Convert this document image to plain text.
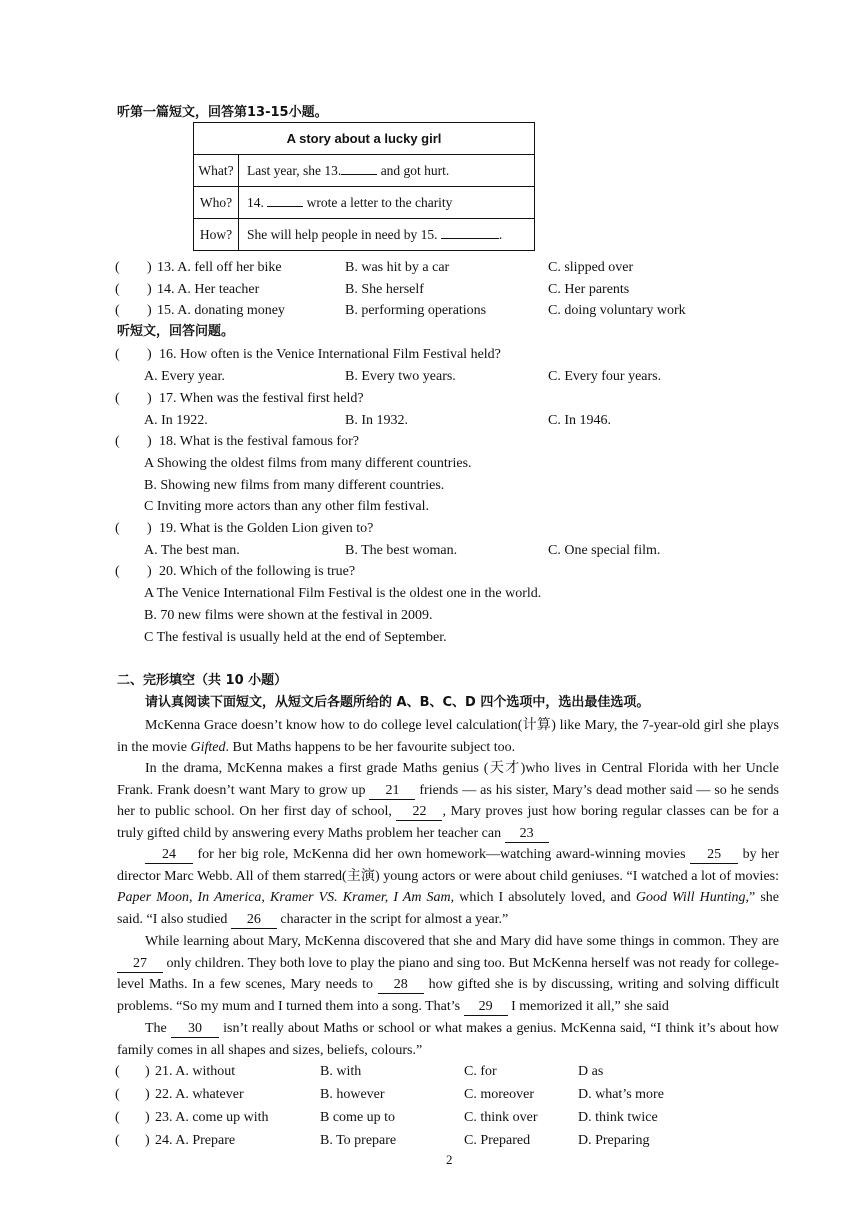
听第一篇短文，回答第13-15小题。
A story about a lucky girl	
What?	Last year, she 13. and got hurt.
Who?	14. wrote a letter to the charity
How?	She will help people in need by 15. .
( ) 13. A. fell off her bike	B. was hit by a car	C. slipped over
( ) 14. A. Her teacher	B. She herself	C. Her parents
( ) 15. A. donating money	B. performing operations	C. doing voluntary work
听短文，回答问题。
( ) 16. How often is the Venice International Film Festival held?
A. Every year.	B. Every two years.	C. Every four years.
( ) 17. When was the festival first held?
A. In 1922.	B. In 1932.	C. In 1946.
( ) 18. What is the festival famous for?
A Showing the oldest films from many different countries.
B. Showing new films from many different countries.
C Inviting more actors than any other film festival.
( ) 19. What is the Golden Lion given to?
A. The best man.	B. The best woman.	C. One special film.
( ) 20. Which of the following is true?
A The Venice International Film Festival is the oldest one in the world.
B. 70 new films were shown at the festival in 2009.
C The festival is usually held at the end of September.
二、完形填空（共 10 小题）
请认真阅读下面短文，从短文后各题所给的 A、B、C、D 四个选项中，选出最佳选项。
McKenna Grace doesn’t know how to do college level calculation(计算) like Mary, the 7-year-old girl she plays in the movie Gifted. But Maths happens to be her favourite subject too.
In the drama, McKenna makes a first grade Maths genius (天才)who lives in Central Florida with her Uncle Frank. Frank doesn’t want Mary to grow up 21 friends — as his sister, Mary’s dead mother said — so he sends her to public school. On her first day of school, 22 , Mary proves just how boring regular classes can be for a truly gifted child by answering every Maths problem her teacher can 23
24 for her big role, McKenna did her own homework—watching award-winning movies 25 by her director Marc Webb. All of them starred(主演) young actors or were about child geniuses. “I watched a lot of movies: Paper Moon, In America, Kramer VS. Kramer, I Am Sam, which I absolutely loved, and Good Will Hunting,” she said. “I also studied 26 character in the script for almost a year.”
While learning about Mary, McKenna discovered that she and Mary did have some things in common. They are 27 only children. They both love to play the piano and sing too. But McKenna herself was not ready for college-level Maths. In a few scenes, Mary needs to 28 how gifted she is by discussing, writing and solving difficult problems. “So my mum and I turned them into a song. That’s 29 I memorized it all,” she said
The 30 isn’t really about Maths or school or what makes a genius. McKenna said, “I think it’s about how family comes in all shapes and sizes, beliefs, colours.”
( ) 21. A. without	B. with	C. for	D as
( ) 22. A. whatever	B. however	C. moreover	D. what’s more
( ) 23. A. come up with	B come up to	C. think over	D. think twice
( ) 24. A. Prepare	B. To prepare	C. Prepared	D. Preparing
2
